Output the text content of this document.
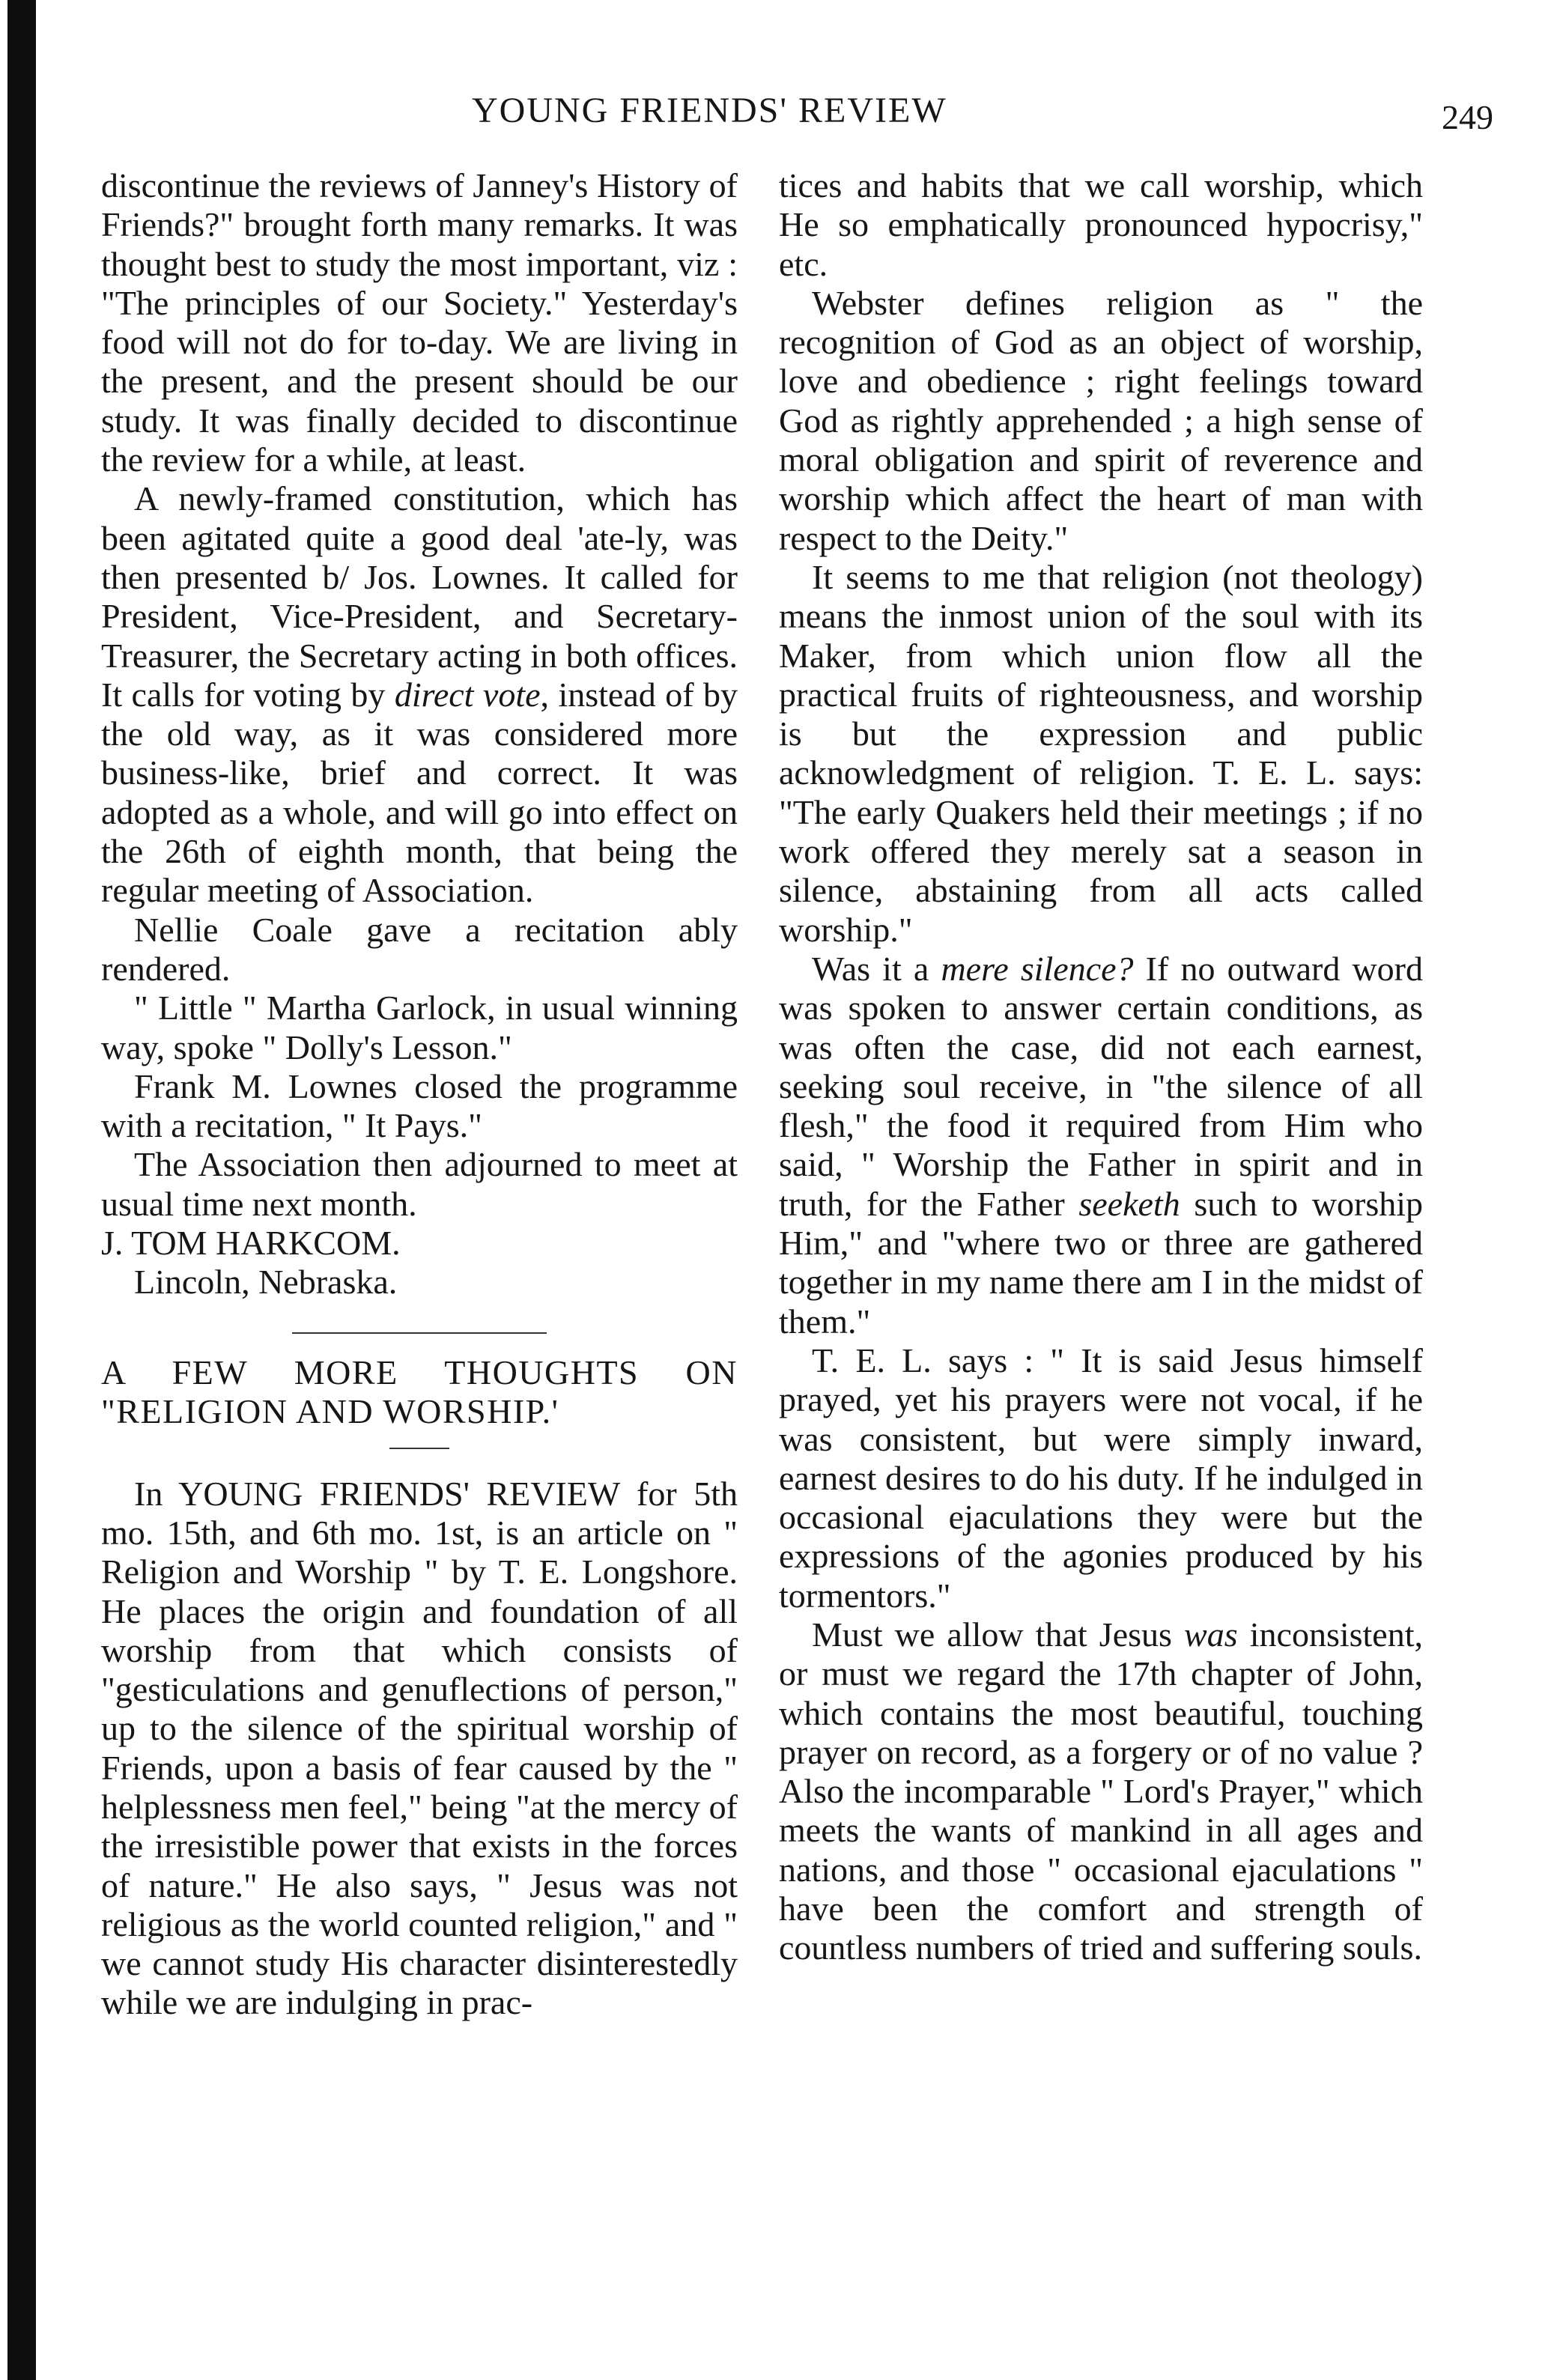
YOUNG FRIENDS' REVIEW	249

discontinue the reviews of Janney's History of Friends?" brought forth many remarks. It was thought best to study the most important, viz : "The principles of our Society." Yesterday's food will not do for to-day. We are living in the present, and the present should be our study. It was finally decided to discontinue the review for a while, at least.

A newly-framed constitution, which has been agitated quite a good deal 'ate-ly, was then presented b/ Jos. Lownes. It called for President, Vice-President, and Secretary-Treasurer, the Secretary acting in both offices. It calls for voting by direct vote, instead of by the old way, as it was considered more business-like, brief and correct. It was adopted as a whole, and will go into effect on the 26th of eighth month, that being the regular meeting of Association.

Nellie Coale gave a recitation ably rendered.

" Little " Martha Garlock, in usual winning way, spoke " Dolly's Lesson."

Frank M. Lownes closed the programme with a recitation, " It Pays."

The Association then adjourned to meet at usual time next month.

J. TOM HARKCOM.

Lincoln, Nebraska.

A FEW MORE THOUGHTS ON "RELIGION AND WORSHIP.'

In YOUNG FRIENDS' REVIEW for 5th mo. 15th, and 6th mo. 1st, is an article on " Religion and Worship " by T. E. Longshore. He places the origin and foundation of all worship from that which consists of "gesticulations and genuflections of person," up to the silence of the spiritual worship of Friends, upon a basis of fear caused by the " helplessness men feel," being "at the mercy of the irresistible power that exists in the forces of nature." He also says, " Jesus was not religious as the world counted religion," and " we cannot study His character disinterestedly while we are indulging in prac-

tices and habits that we call worship, which He so emphatically pronounced hypocrisy," etc.

Webster defines religion as " the recognition of God as an object of worship, love and obedience ; right feelings toward God as rightly apprehended ; a high sense of moral obligation and spirit of reverence and worship which affect the heart of man with respect to the Deity."

It seems to me that religion (not theology) means the inmost union of the soul with its Maker, from which union flow all the practical fruits of righteousness, and worship is but the expression and public acknowledgment of religion. T. E. L. says: "The early Quakers held their meetings ; if no work offered they merely sat a season in silence, abstaining from all acts called worship."

Was it a mere silence? If no outward word was spoken to answer certain conditions, as was often the case, did not each earnest, seeking soul receive, in "the silence of all flesh," the food it required from Him who said, " Worship the Father in spirit and in truth, for the Father seeketh such to worship Him," and "where two or three are gathered together in my name there am I in the midst of them."

T. E. L. says : " It is said Jesus himself prayed, yet his prayers were not vocal, if he was consistent, but were simply inward, earnest desires to do his duty. If he indulged in occasional ejaculations they were but the expressions of the agonies produced by his tormentors."

Must we allow that Jesus was inconsistent, or must we regard the 17th chapter of John, which contains the most beautiful, touching prayer on record, as a forgery or of no value ? Also the incomparable " Lord's Prayer," which meets the wants of mankind in all ages and nations, and those " occasional ejaculations " have been the comfort and strength of countless numbers of tried and suffering souls.
